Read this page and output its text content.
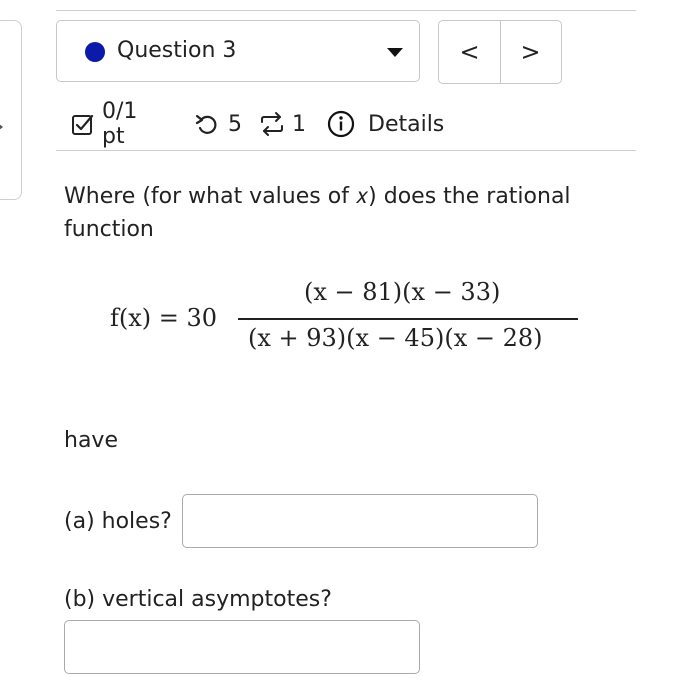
Question 3	<	>
0/1 pt	5 1	Details
Where (for what values of 𝑥) does the rational function
f(x) = 30
(x − 81)(x − 33)
(x + 93)(x − 45)(x − 28)
have
(a) holes?
(b) vertical asymptotes?
